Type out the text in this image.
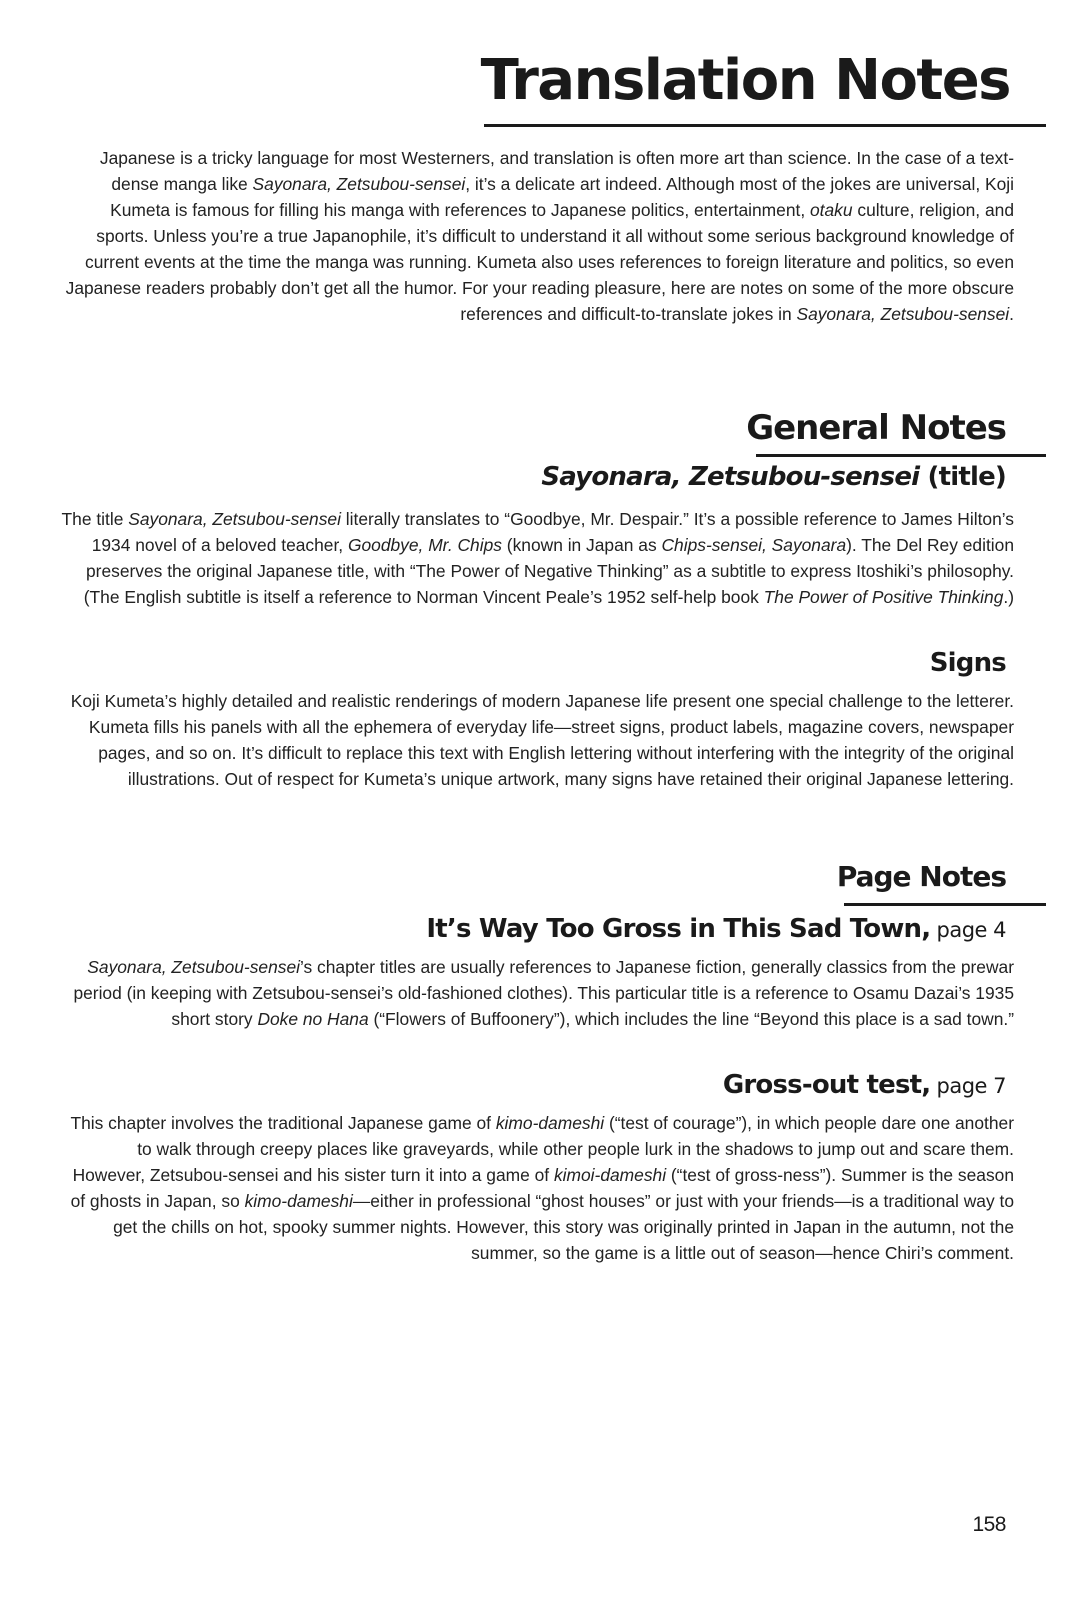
Translation Notes

Japanese is a tricky language for most Westerners, and translation is often more art than science. In the case of a text-dense manga like Sayonara, Zetsubou-sensei, it’s a delicate art indeed. Although most of the jokes are universal, Koji Kumeta is famous for filling his manga with references to Japanese politics, entertainment, otaku culture, religion, and sports. Unless you’re a true Japanophile, it’s difficult to understand it all without some serious background knowledge of current events at the time the manga was running. Kumeta also uses references to foreign literature and politics, so even Japanese readers probably don’t get all the humor. For your reading pleasure, here are notes on some of the more obscure references and difficult-to-translate jokes in Sayonara, Zetsubou-sensei.

General Notes
Sayonara, Zetsubou-sensei (title)

The title Sayonara, Zetsubou-sensei literally translates to “Goodbye, Mr. Despair.” It’s a possible reference to James Hilton’s 1934 novel of a beloved teacher, Goodbye, Mr. Chips (known in Japan as Chips-sensei, Sayonara). The Del Rey edition preserves the original Japanese title, with “The Power of Negative Thinking” as a subtitle to express Itoshiki’s philosophy. (The English subtitle is itself a reference to Norman Vincent Peale’s 1952 self-help book The Power of Positive Thinking.)

Signs

Koji Kumeta’s highly detailed and realistic renderings of modern Japanese life present one special challenge to the letterer. Kumeta fills his panels with all the ephemera of everyday life—street signs, product labels, magazine covers, newspaper pages, and so on. It’s difficult to replace this text with English lettering without interfering with the integrity of the original illustrations. Out of respect for Kumeta’s unique artwork, many signs have retained their original Japanese lettering.

Page Notes
It’s Way Too Gross in This Sad Town, page 4

Sayonara, Zetsubou-sensei’s chapter titles are usually references to Japanese fiction, generally classics from the prewar period (in keeping with Zetsubou-sensei’s old-fashioned clothes). This particular title is a reference to Osamu Dazai’s 1935 short story Doke no Hana (“Flowers of Buffoonery”), which includes the line “Beyond this place is a sad town.”

Gross-out test, page 7

This chapter involves the traditional Japanese game of kimo-dameshi (“test of courage”), in which people dare one another to walk through creepy places like graveyards, while other people lurk in the shadows to jump out and scare them. However, Zetsubou-sensei and his sister turn it into a game of kimoi-dameshi (“test of gross-ness”). Summer is the season of ghosts in Japan, so kimo-dameshi—either in professional “ghost houses” or just with your friends—is a traditional way to get the chills on hot, spooky summer nights. However, this story was originally printed in Japan in the autumn, not the summer, so the game is a little out of season—hence Chiri’s comment.

158
